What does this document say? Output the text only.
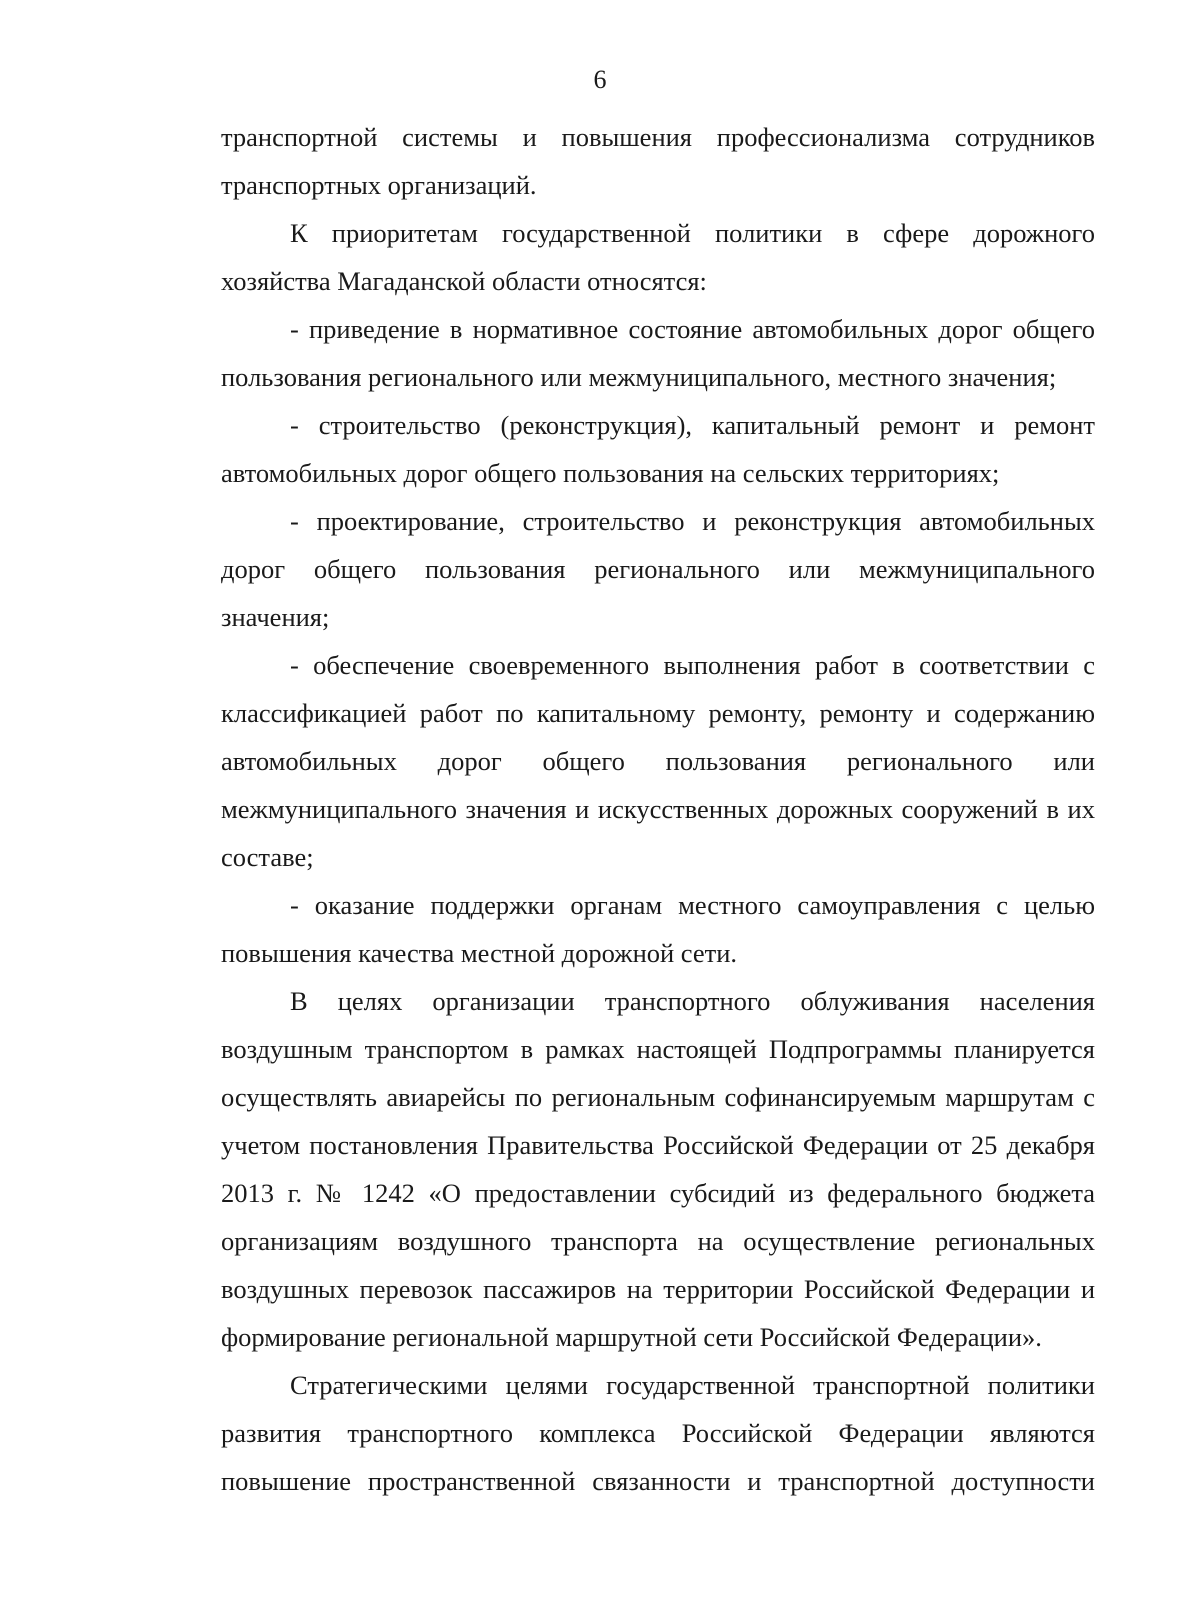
6

транспортной системы и повышения профессионализма сотрудников транспортных организаций.

К приоритетам государственной политики в сфере дорожного хозяйства Магаданской области относятся:

- приведение в нормативное состояние автомобильных дорог общего пользования регионального или межмуниципального, местного значения;

- строительство (реконструкция), капитальный ремонт и ремонт автомобильных дорог общего пользования на сельских территориях;

- проектирование, строительство и реконструкция автомобильных дорог общего пользования регионального или межмуниципального значения;

- обеспечение своевременного выполнения работ в соответствии с классификацией работ по капитальному ремонту, ремонту и содержанию автомобильных дорог общего пользования регионального или межмуниципального значения и искусственных дорожных сооружений в их составе;

- оказание поддержки органам местного самоуправления с целью повышения качества местной дорожной сети.

В целях организации транспортного облуживания населения воздушным транспортом в рамках настоящей Подпрограммы планируется осуществлять авиарейсы по региональным софинансируемым маршрутам с учетом постановления Правительства Российской Федерации от 25 декабря 2013 г. № 1242 «О предоставлении субсидий из федерального бюджета организациям воздушного транспорта на осуществление региональных воздушных перевозок пассажиров на территории Российской Федерации и формирование региональной маршрутной сети Российской Федерации».

Стратегическими целями государственной транспортной политики развития транспортного комплекса Российской Федерации являются повышение пространственной связанности и транспортной доступности
